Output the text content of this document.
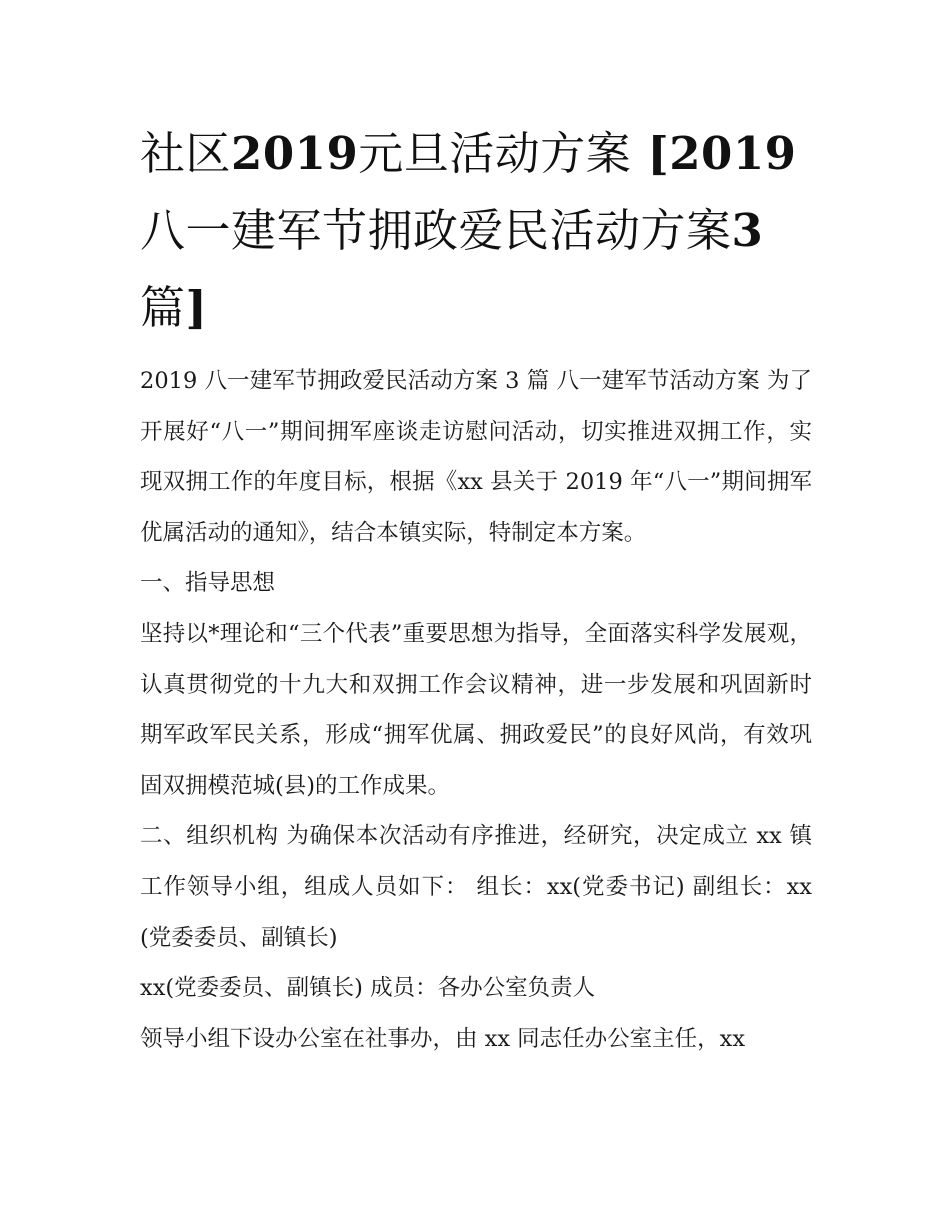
社区2019元旦活动方案 [2019八一建军节拥政爱民活动方案3 篇]

2019 八一建军节拥政爱民活动方案 3 篇 八一建军节活动方案 为了开展好“八一”期间拥军座谈走访慰问活动，切实推进双拥工作，实现双拥工作的年度目标，根据《xx 县关于 2019 年“八一”期间拥军优属活动的通知》，结合本镇实际，特制定本方案。

一、指导思想

坚持以*理论和“三个代表”重要思想为指导，全面落实科学发展观，认真贯彻党的十九大和双拥工作会议精神，进一步发展和巩固新时期军政军民关系，形成“拥军优属、拥政爱民”的良好风尚，有效巩固双拥模范城(县)的工作成果。

二、组织机构 为确保本次活动有序推进，经研究，决定成立 xx 镇工作领导小组，组成人员如下： 组长：xx(党委书记) 副组长：xx(党委委员、副镇长)

xx(党委委员、副镇长) 成员：各办公室负责人

领导小组下设办公室在社事办，由 xx 同志任办公室主任，xx
